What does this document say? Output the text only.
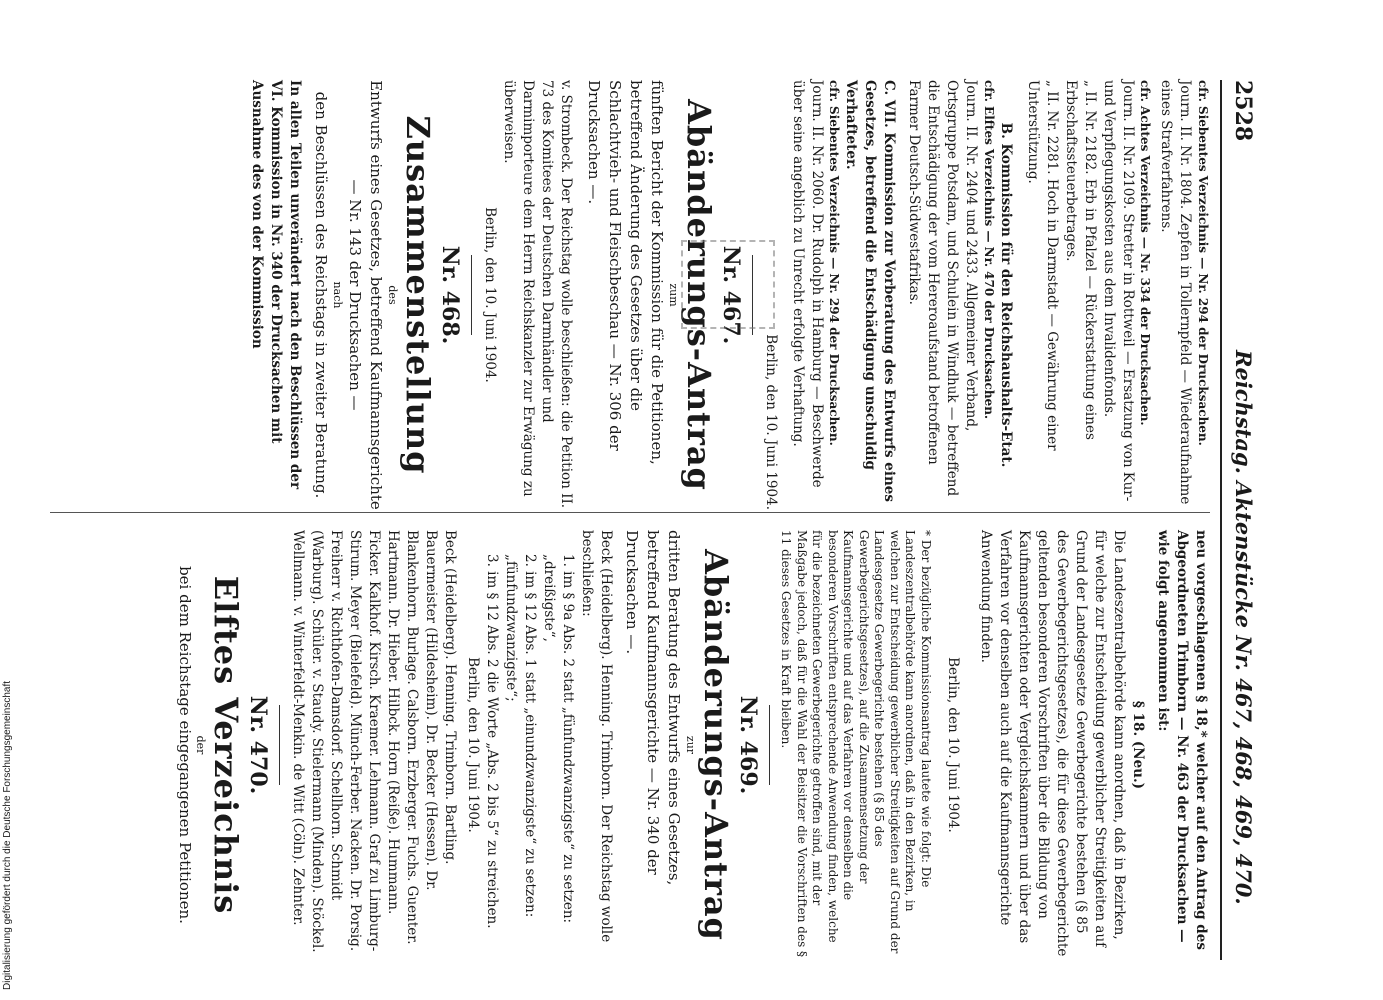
2528
Reichstag. Aktenstücke Nr. 467, 468, 469, 470.

cfr. Siebentes Verzeichnis — Nr. 294 der Drucksachen.

Journ. II. Nr. 1804. Zepfen in Tollernpfeld — Wiederaufnahme eines Strafverfahrens.

cfr. Achtes Verzeichnis — Nr. 334 der Drucksachen.

Journ. II. Nr. 2109. Stretter in Rottweil — Ersatzung von Kur- und Verpflegungskosten aus dem Invalidenfonds.

„ II. Nr. 2182. Erb in Pfalzel — Rückerstattung eines Erbschaftssteuerbetrages.

„ II. Nr. 2281. Hoch in Darmstadt — Gewährung einer Unterstützung.

B. Kommission für den Reichshaushalts-Etat.

cfr. Elftes Verzeichnis — Nr. 470 der Drucksachen.

Journ. II. Nr. 2404 und 2433. Allgemeiner Verband, Ortsgruppe Potsdam, und Schulein in Windhuk — betreffend die Entschädigung der vom Hereroaufstand betroffenen Farmer Deutsch-Südwestafrikas.

C. VII. Kommission zur Vorberatung des Entwurfs eines Gesetzes, betreffend die Entschädigung unschuldig Verhafteter.

cfr. Siebentes Verzeichnis — Nr. 294 der Drucksachen.

Journ. II. Nr. 2060. Dr. Rudolph in Hamburg — Beschwerde über seine angeblich zu Unrecht erfolgte Verhaftung.

Berlin, den 10. Juni 1904.

Nr. 467.

Abänderungs-Antrag

zum

fünften Bericht der Kommission für die Petitionen, betreffend Änderung des Gesetzes über die Schlachtvieh- und Fleischbeschau — Nr. 306 der Drucksachen —.

v. Strombeck. Der Reichstag wolle beschließen: die Petition II. 73 des Komitees der Deutschen Darmhändler und Darmimporteure dem Herrn Reichskanzler zur Erwägung zu überweisen.

Berlin, den 10. Juni 1904.

Nr. 468.

Zusammenstellung

des

Entwurfs eines Gesetzes, betreffend Kaufmannsgerichte — Nr. 143 der Drucksachen —

nach

den Beschlüssen des Reichstags in zweiter Beratung.

In allen Teilen unverändert nach den Beschlüssen der VI. Kommission in Nr. 340 der Drucksachen mit Ausnahme des von der Kommission

neu vorgeschlagenen § 18,* welcher auf den Antrag des Abgeordneten Trimborn — Nr. 463 der Drucksachen — wie folgt angenommen ist:

§ 18. (Neu.)

Die Landeszentralbehörde kann anordnen, daß in Bezirken, für welche zur Entscheidung gewerblicher Streitigkeiten auf Grund der Landesgesetze Gewerbegerichte bestehen (§ 85 des Gewerbegerichtsgesetzes), die für diese Gewerbegerichte geltenden besonderen Vorschriften über die Bildung von Kaufmannsgerichten oder Vergleichskammern und über das Verfahren vor denselben auch auf die Kaufmannsgerichte Anwendung finden.

Berlin, den 10. Juni 1904.

* Der bezügliche Kommissionsantrag lautete wie folgt: Die Landeszentralbehörde kann anordnen, daß in den Bezirken, in welchen zur Entscheidung gewerblicher Streitigkeiten auf Grund der Landesgesetze Gewerbegerichte bestehen (§ 85 des Gewerbegerichtsgesetzes), auf die Zusammensetzung der Kaufmannsgerichte und auf das Verfahren vor denselben die besonderen Vorschriften entsprechende Anwendung finden, welche für die bezeichneten Gewerbegerichte getroffen sind, mit der Maßgabe jedoch, daß für die Wahl der Beisitzer die Vorschriften des § 11 dieses Gesetzes in Kraft bleiben.

Nr. 469.

Abänderungs-Antrag

zur

dritten Beratung des Entwurfs eines Gesetzes, betreffend Kaufmannsgerichte — Nr. 340 der Drucksachen —.

Beck (Heidelberg). Henning. Trimborn. Der Reichstag wolle beschließen:

1. im § 9a Abs. 2 statt „fünfundzwanzigste“ zu setzen: „dreißigste“,

2. im § 12 Abs. 1 statt „einundzwanzigste“ zu setzen: „fünfundzwanzigste“;

3. im § 12 Abs. 2 die Worte „Abs. 2 bis 5“ zu streichen.

Berlin, den 10. Juni 1904.

Beck (Heidelberg). Henning. Trimborn. Bartling. Bauermeister (Hildesheim). Dr. Becker (Hessen). Dr. Blankenhorn. Burlage. Calsborn. Erzberger. Fuchs. Guenter. Hartmann. Dr. Hieber. Hilbck. Horn (Reiße). Hummann. Ficker. Kalkhof. Kirsch. Kraemer. Lehmann. Graf zu Limburg-Stirum. Meyer (Bielefeld). Münch-Ferber. Nacken. Dr. Porsig. Freiherr v. Richthofen-Damsdorf. Schellhorn. Schmidt (Warburg). Schüler. v. Staudy. Stielermann (Minden). Stöckel. Wellmann. v. Winterfeldt-Menkin. de Witt (Cöln). Zehnter.

Nr. 470.

Elftes Verzeichnis

der

bei dem Reichstage eingegangenen Petitionen.

Digitalisierung gefördert durch die Deutsche Forschungsgemeinschaft
